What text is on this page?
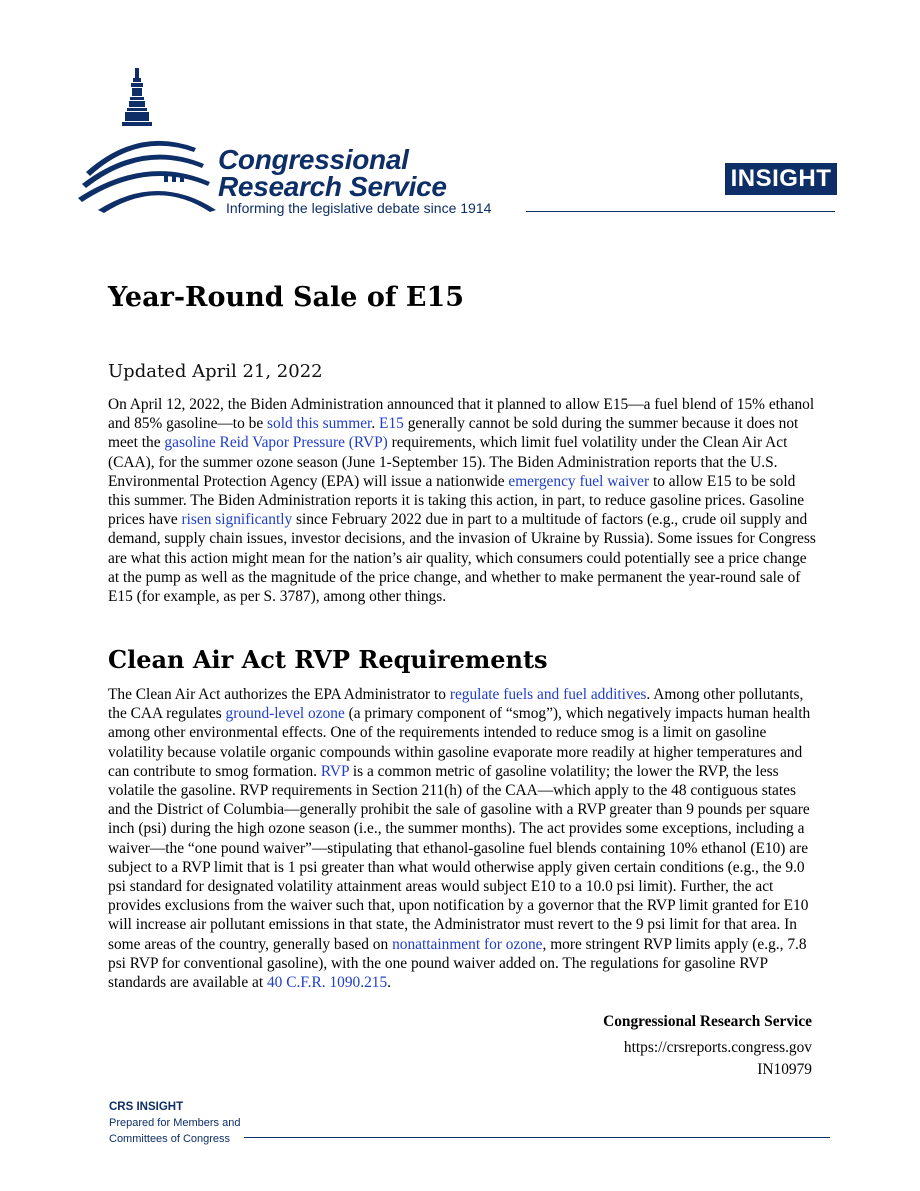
Congressional
Research Service
Informing the legislative debate since 1914
INSIGHT
Year-Round Sale of E15
Updated April 21, 2022

On April 12, 2022, the Biden Administration announced that it planned to allow E15—a fuel blend of 15% ethanol and 85% gasoline—to be sold this summer. E15 generally cannot be sold during the summer because it does not meet the gasoline Reid Vapor Pressure (RVP) requirements, which limit fuel volatility under the Clean Air Act (CAA), for the summer ozone season (June 1-September 15). The Biden Administration reports that the U.S. Environmental Protection Agency (EPA) will issue a nationwide emergency fuel waiver to allow E15 to be sold this summer. The Biden Administration reports it is taking this action, in part, to reduce gasoline prices. Gasoline prices have risen significantly since February 2022 due in part to a multitude of factors (e.g., crude oil supply and demand, supply chain issues, investor decisions, and the invasion of Ukraine by Russia). Some issues for Congress are what this action might mean for the nation’s air quality, which consumers could potentially see a price change at the pump as well as the magnitude of the price change, and whether to make permanent the year-round sale of E15 (for example, as per S. 3787), among other things.

Clean Air Act RVP Requirements

The Clean Air Act authorizes the EPA Administrator to regulate fuels and fuel additives. Among other pollutants, the CAA regulates ground-level ozone (a primary component of “smog”), which negatively impacts human health among other environmental effects. One of the requirements intended to reduce smog is a limit on gasoline volatility because volatile organic compounds within gasoline evaporate more readily at higher temperatures and can contribute to smog formation. RVP is a common metric of gasoline volatility; the lower the RVP, the less volatile the gasoline. RVP requirements in Section 211(h) of the CAA—which apply to the 48 contiguous states and the District of Columbia—generally prohibit the sale of gasoline with a RVP greater than 9 pounds per square inch (psi) during the high ozone season (i.e., the summer months). The act provides some exceptions, including a waiver—the “one pound waiver”—stipulating that ethanol-gasoline fuel blends containing 10% ethanol (E10) are subject to a RVP limit that is 1 psi greater than what would otherwise apply given certain conditions (e.g., the 9.0 psi standard for designated volatility attainment areas would subject E10 to a 10.0 psi limit). Further, the act provides exclusions from the waiver such that, upon notification by a governor that the RVP limit granted for E10 will increase air pollutant emissions in that state, the Administrator must revert to the 9 psi limit for that area. In some areas of the country, generally based on nonattainment for ozone, more stringent RVP limits apply (e.g., 7.8 psi RVP for conventional gasoline), with the one pound waiver added on. The regulations for gasoline RVP standards are available at 40 C.F.R. 1090.215.

Congressional Research Service
https://crsreports.congress.gov
IN10979
CRS INSIGHT
Prepared for Members and
Committees of Congress
